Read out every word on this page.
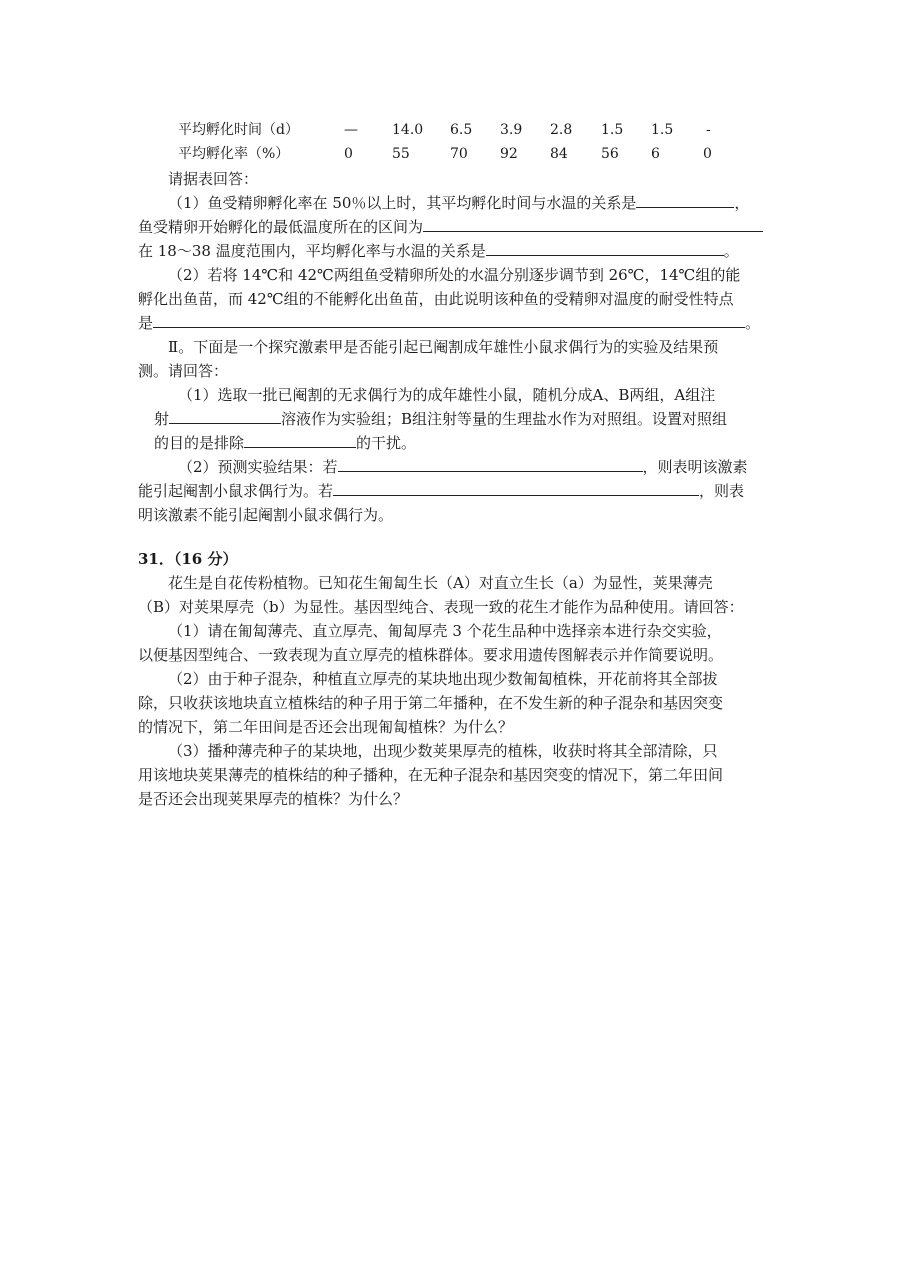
平均孵化时间（d）	— 14.0 6.5 3.9 2.8 1.5 1.5 -
平均孵化率（%）	0	55	70 92 84 56 6	0
请据表回答：
（1）鱼受精卵孵化率在 50％以上时，其平均孵化时间与水温的关系是	，
鱼受精卵开始孵化的最低温度所在的区间为
在 18～38 温度范围内，平均孵化率与水温的关系是	。
（2）若将 14℃和 42℃两组鱼受精卵所处的水温分别逐步调节到 26℃，14℃组的能
孵化出鱼苗，而 42℃组的不能孵化出鱼苗，由此说明该种鱼的受精卵对温度的耐受性特点
是	。
Ⅱ。下面是一个探究激素甲是否能引起已阉割成年雄性小鼠求偶行为的实验及结果预
测。请回答：
（1）选取一批已阉割的无求偶行为的成年雄性小鼠，随机分成A、B两组，A组注
射	溶液作为实验组；B组注射等量的生理盐水作为对照组。设置对照组
的目的是排除	的干扰。
（2）预测实验结果：若	，则表明该激素
能引起阉割小鼠求偶行为。若	，则表
明该激素不能引起阉割小鼠求偶行为。
31．（16 分）
花生是自花传粉植物。已知花生匍匐生长（A）对直立生长（a）为显性，荚果薄壳
（B）对荚果厚壳（b）为显性。基因型纯合、表现一致的花生才能作为品种使用。请回答：
（1）请在匍匐薄壳、直立厚壳、匍匐厚壳 3 个花生品种中选择亲本进行杂交实验，
以便基因型纯合、一致表现为直立厚壳的植株群体。要求用遗传图解表示并作简要说明。
（2）由于种子混杂，种植直立厚壳的某块地出现少数匍匐植株，开花前将其全部拔
除，只收获该地块直立植株结的种子用于第二年播种，在不发生新的种子混杂和基因突变
的情况下，第二年田间是否还会出现匍匐植株？为什么？
（3）播种薄壳种子的某块地，出现少数荚果厚壳的植株，收获时将其全部清除，只
用该地块荚果薄壳的植株结的种子播种，在无种子混杂和基因突变的情况下，第二年田间
是否还会出现荚果厚壳的植株？为什么？
